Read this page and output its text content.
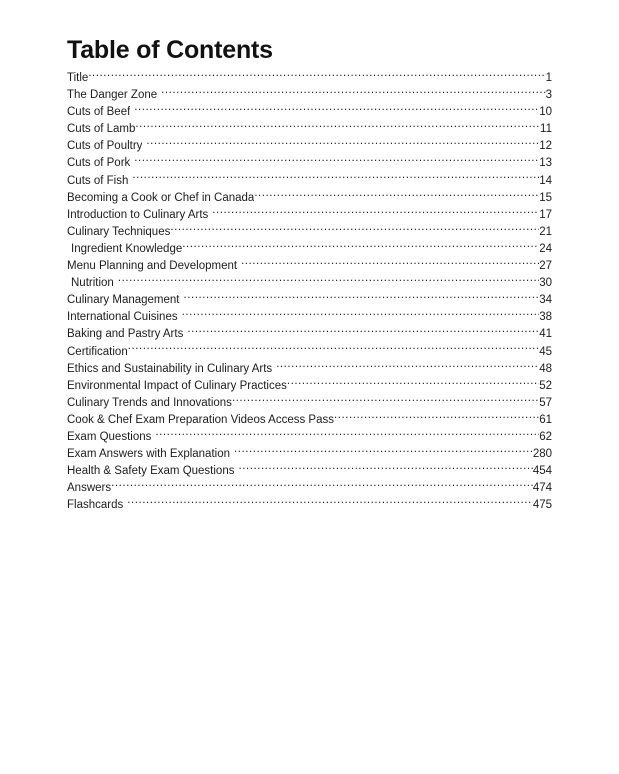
Table of Contents
Title .....	1
The Danger Zone .....	3
Cuts of Beef .....	10
Cuts of Lamb .....	11
Cuts of Poultry .....	12
Cuts of Pork .....	13
Cuts of Fish .....	14
Becoming a Cook or Chef in Canada .....	15
Introduction to Culinary Arts .....	17
Culinary Techniques .....	21
Ingredient Knowledge .....	24
Menu Planning and Development .....	27
Nutrition .....	30
Culinary Management .....	34
International Cuisines .....	38
Baking and Pastry Arts .....	41
Certification .....	45
Ethics and Sustainability in Culinary Arts .....	48
Environmental Impact of Culinary Practices .....	52
Culinary Trends and Innovations .....	57
Cook & Chef Exam Preparation Videos Access Pass .....	61
Exam Questions .....	62
Exam Answers with Explanation .....	280
Health & Safety Exam Questions .....	454
Answers .....	474
Flashcards .....	475
